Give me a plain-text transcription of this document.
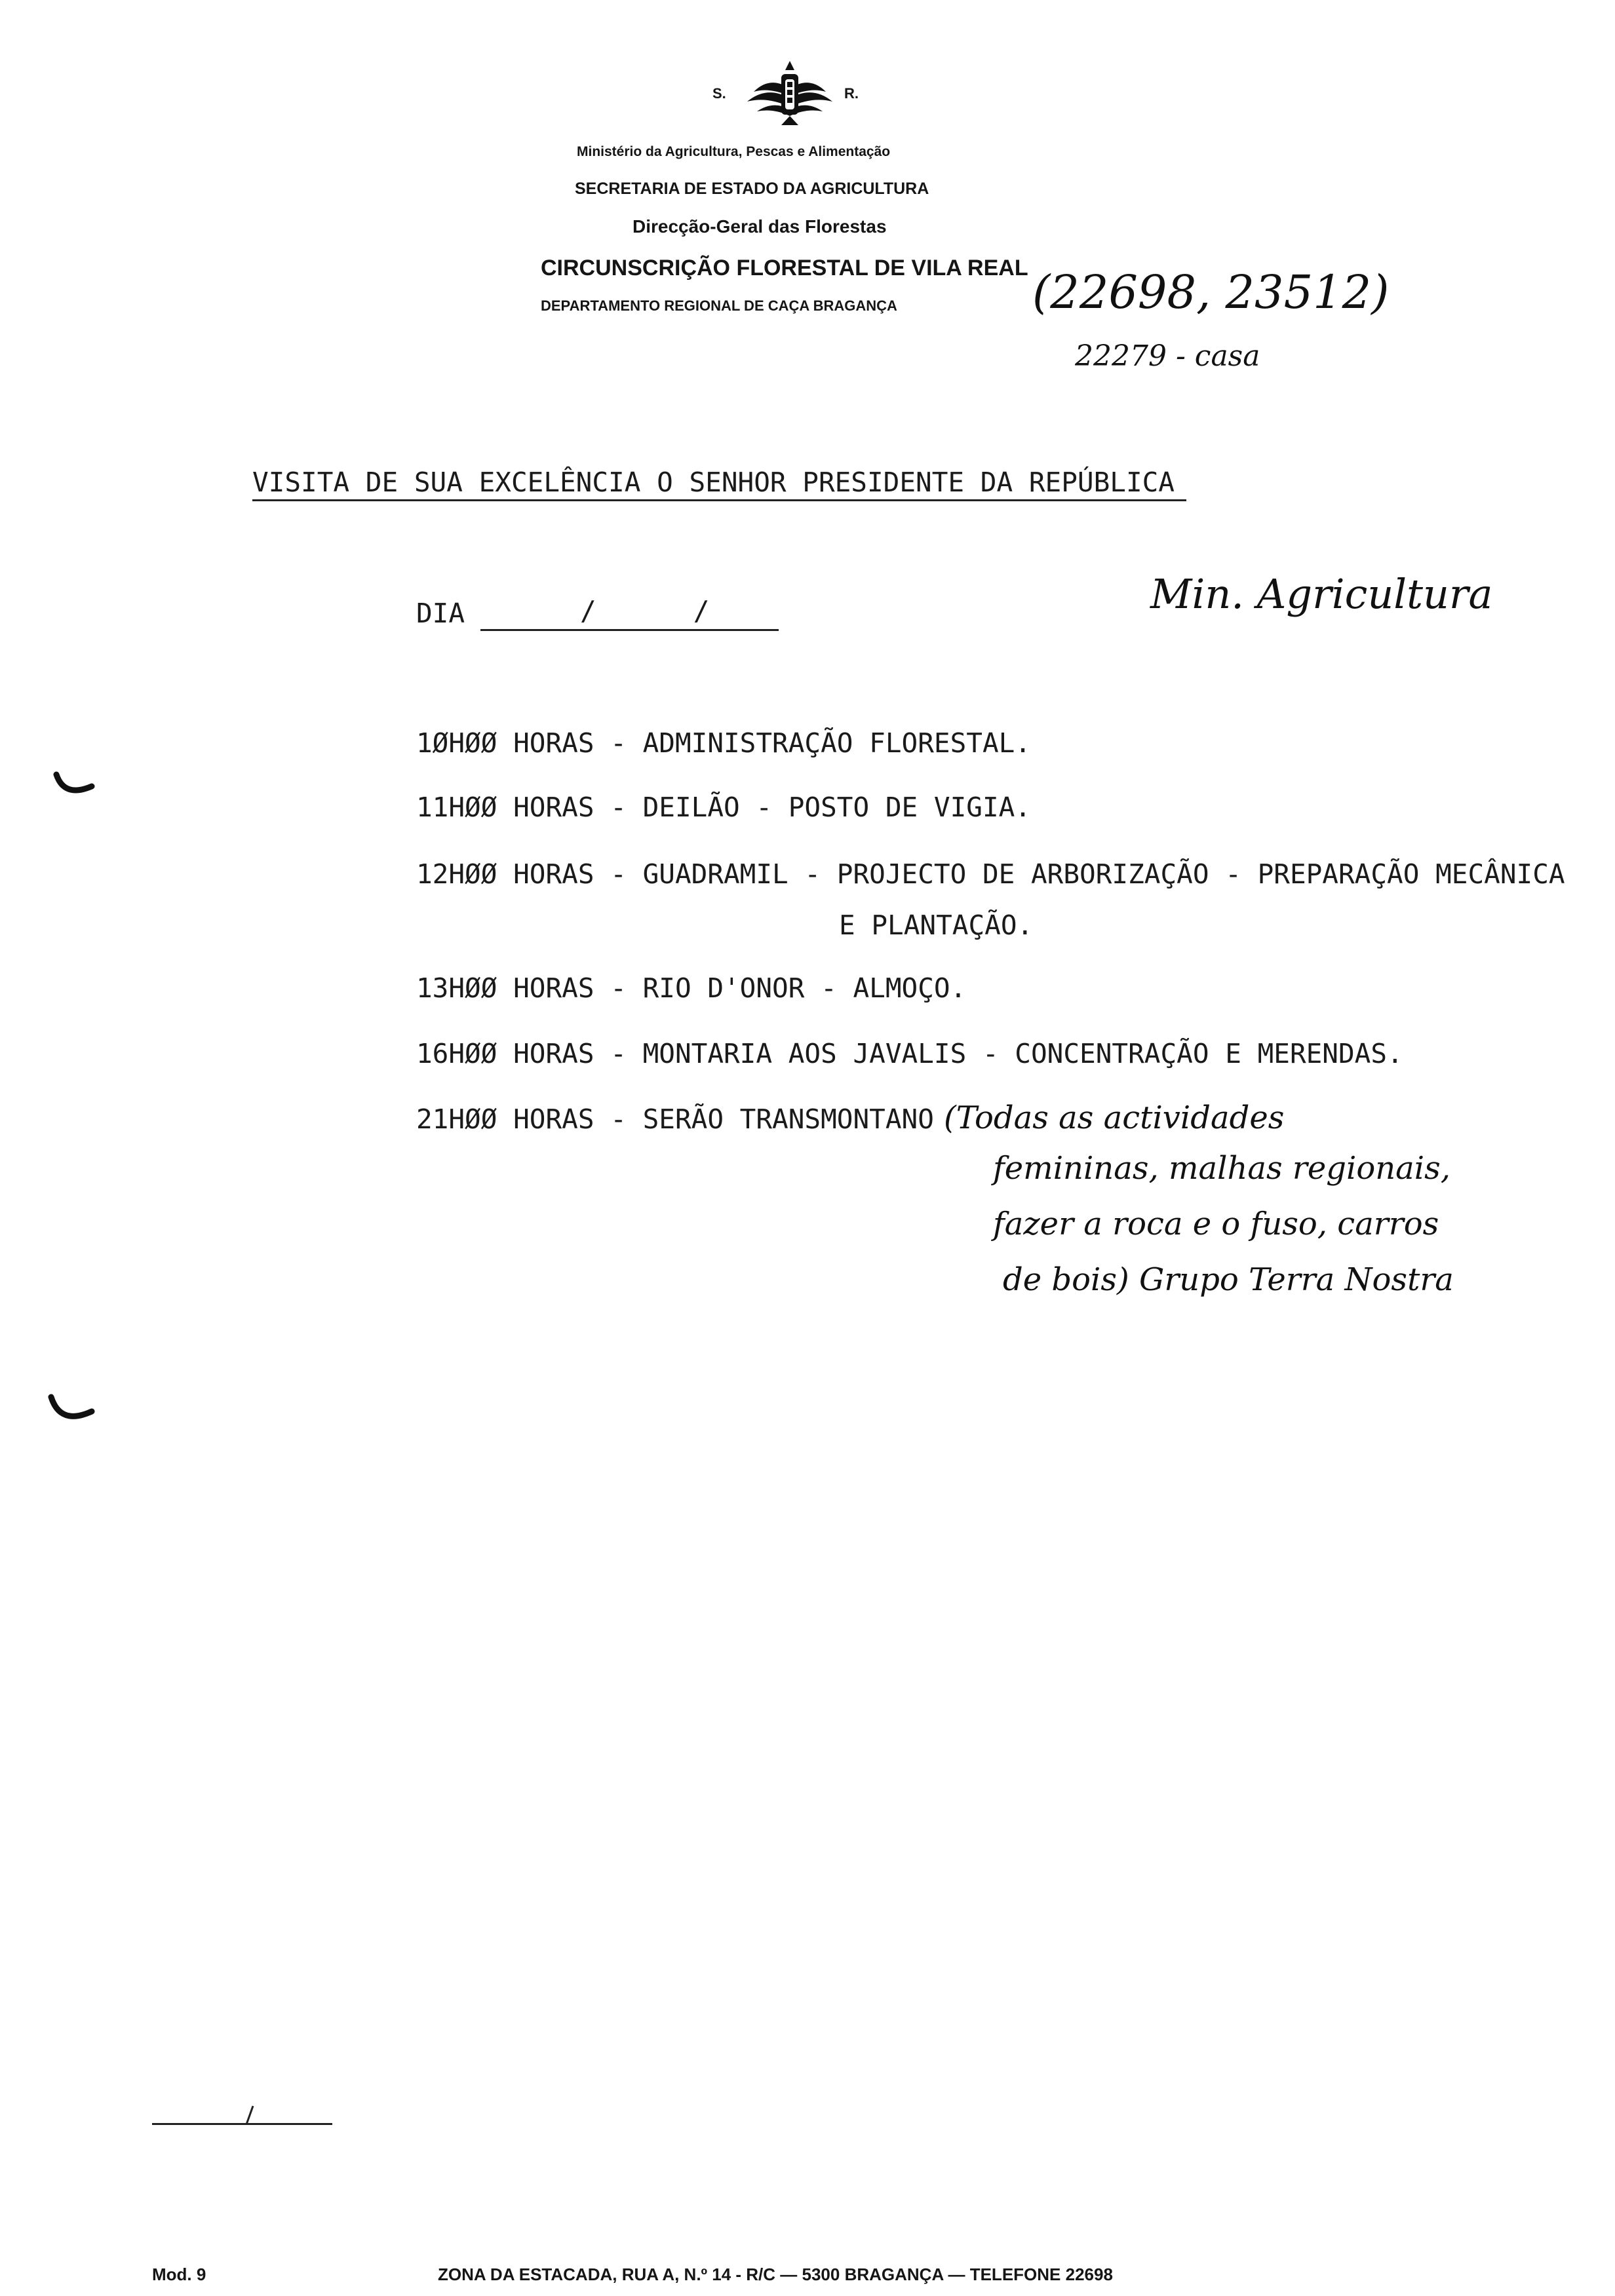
S.	R.
Ministério da Agricultura, Pescas e Alimentação
SECRETARIA DE ESTADO DA AGRICULTURA
Direcção-Geral das Florestas
CIRCUNSCRIÇÃO FLORESTAL DE VILA REAL
DEPARTAMENTO REGIONAL DE CAÇA BRAGANÇA	(22698, 23512)
22279 - casa
VISITA DE SUA EXCELÊNCIA O SENHOR PRESIDENTE DA REPÚBLICA
DIA	/      /	Min. Agricultura
1ØHØØ HORAS - ADMINISTRAÇÃO FLORESTAL.
11HØØ HORAS - DEILÃO - POSTO DE VIGIA.
12HØØ HORAS - GUADRAMIL - PROJECTO DE ARBORIZAÇÃO - PREPARAÇÃO MECÂNICA
E PLANTAÇÃO.
13HØØ HORAS - RIO D'ONOR - ALMOÇO.
16HØØ HORAS - MONTARIA AOS JAVALIS - CONCENTRAÇÃO E MERENDAS.
21HØØ HORAS - SERÃO TRANSMONTANO (Todas as actividades
femininas, malhas regionais,
fazer a roca e o fuso, carros
de bois) Grupo Terra Nostra
Mod. 9	ZONA DA ESTACADA, RUA A, N.º 14 - R/C — 5300 BRAGANÇA — TELEFONE 22698
